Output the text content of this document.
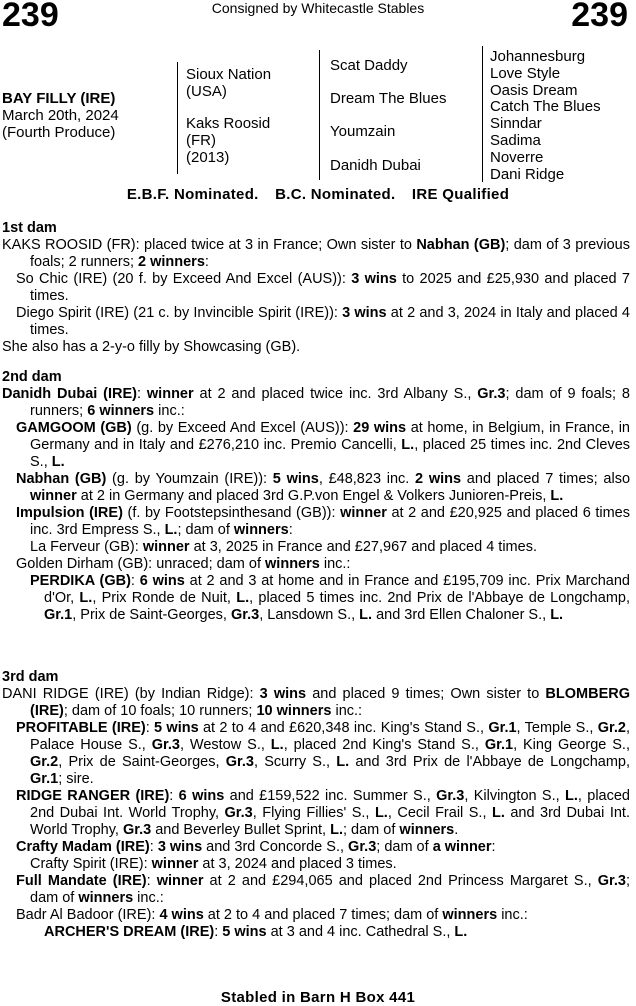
239	Consigned by Whitecastle Stables	239
BAY FILLY (IRE)
March 20th, 2024
(Fourth Produce)
Sioux Nation
(USA)
Kaks Roosid
(FR)
(2013)
Scat Daddy
Dream The Blues
Youmzain
Danidh Dubai
Johannesburg
Love Style
Oasis Dream
Catch The Blues
Sinndar
Sadima
Noverre
Dani Ridge
E.B.F. Nominated. B.C. Nominated. IRE Qualified
1st dam
KAKS ROOSID (FR): placed twice at 3 in France; Own sister to Nabhan (GB); dam of 3 previous foals; 2 runners; 2 winners:
So Chic (IRE) (20 f. by Exceed And Excel (AUS)): 3 wins to 2025 and £25,930 and placed 7 times.
Diego Spirit (IRE) (21 c. by Invincible Spirit (IRE)): 3 wins at 2 and 3, 2024 in Italy and placed 4 times.
She also has a 2-y-o filly by Showcasing (GB).
2nd dam
Danidh Dubai (IRE): winner at 2 and placed twice inc. 3rd Albany S., Gr.3; dam of 9 foals; 8 runners; 6 winners inc.:
GAMGOOM (GB) (g. by Exceed And Excel (AUS)): 29 wins at home, in Belgium, in France, in Germany and in Italy and £276,210 inc. Premio Cancelli, L., placed 25 times inc. 2nd Cleves S., L.
Nabhan (GB) (g. by Youmzain (IRE)): 5 wins, £48,823 inc. 2 wins and placed 7 times; also winner at 2 in Germany and placed 3rd G.P.von Engel & Volkers Junioren-Preis, L.
Impulsion (IRE) (f. by Footstepsinthesand (GB)): winner at 2 and £20,925 and placed 6 times inc. 3rd Empress S., L.; dam of winners:
La Ferveur (GB): winner at 3, 2025 in France and £27,967 and placed 4 times.
Golden Dirham (GB): unraced; dam of winners inc.:
PERDIKA (GB): 6 wins at 2 and 3 at home and in France and £195,709 inc. Prix Marchand d'Or, L., Prix Ronde de Nuit, L., placed 5 times inc. 2nd Prix de l'Abbaye de Longchamp, Gr.1, Prix de Saint-Georges, Gr.3, Lansdown S., L. and 3rd Ellen Chaloner S., L.
3rd dam
DANI RIDGE (IRE) (by Indian Ridge): 3 wins and placed 9 times; Own sister to BLOMBERG (IRE); dam of 10 foals; 10 runners; 10 winners inc.:
PROFITABLE (IRE): 5 wins at 2 to 4 and £620,348 inc. King's Stand S., Gr.1, Temple S., Gr.2, Palace House S., Gr.3, Westow S., L., placed 2nd King's Stand S., Gr.1, King George S., Gr.2, Prix de Saint-Georges, Gr.3, Scurry S., L. and 3rd Prix de l'Abbaye de Longchamp, Gr.1; sire.
RIDGE RANGER (IRE): 6 wins and £159,522 inc. Summer S., Gr.3, Kilvington S., L., placed 2nd Dubai Int. World Trophy, Gr.3, Flying Fillies' S., L., Cecil Frail S., L. and 3rd Dubai Int. World Trophy, Gr.3 and Beverley Bullet Sprint, L.; dam of winners.
Crafty Madam (IRE): 3 wins and 3rd Concorde S., Gr.3; dam of a winner:
Crafty Spirit (IRE): winner at 3, 2024 and placed 3 times.
Full Mandate (IRE): winner at 2 and £294,065 and placed 2nd Princess Margaret S., Gr.3; dam of winners inc.:
Badr Al Badoor (IRE): 4 wins at 2 to 4 and placed 7 times; dam of winners inc.:
ARCHER'S DREAM (IRE): 5 wins at 3 and 4 inc. Cathedral S., L.
Stabled in Barn H Box 441
